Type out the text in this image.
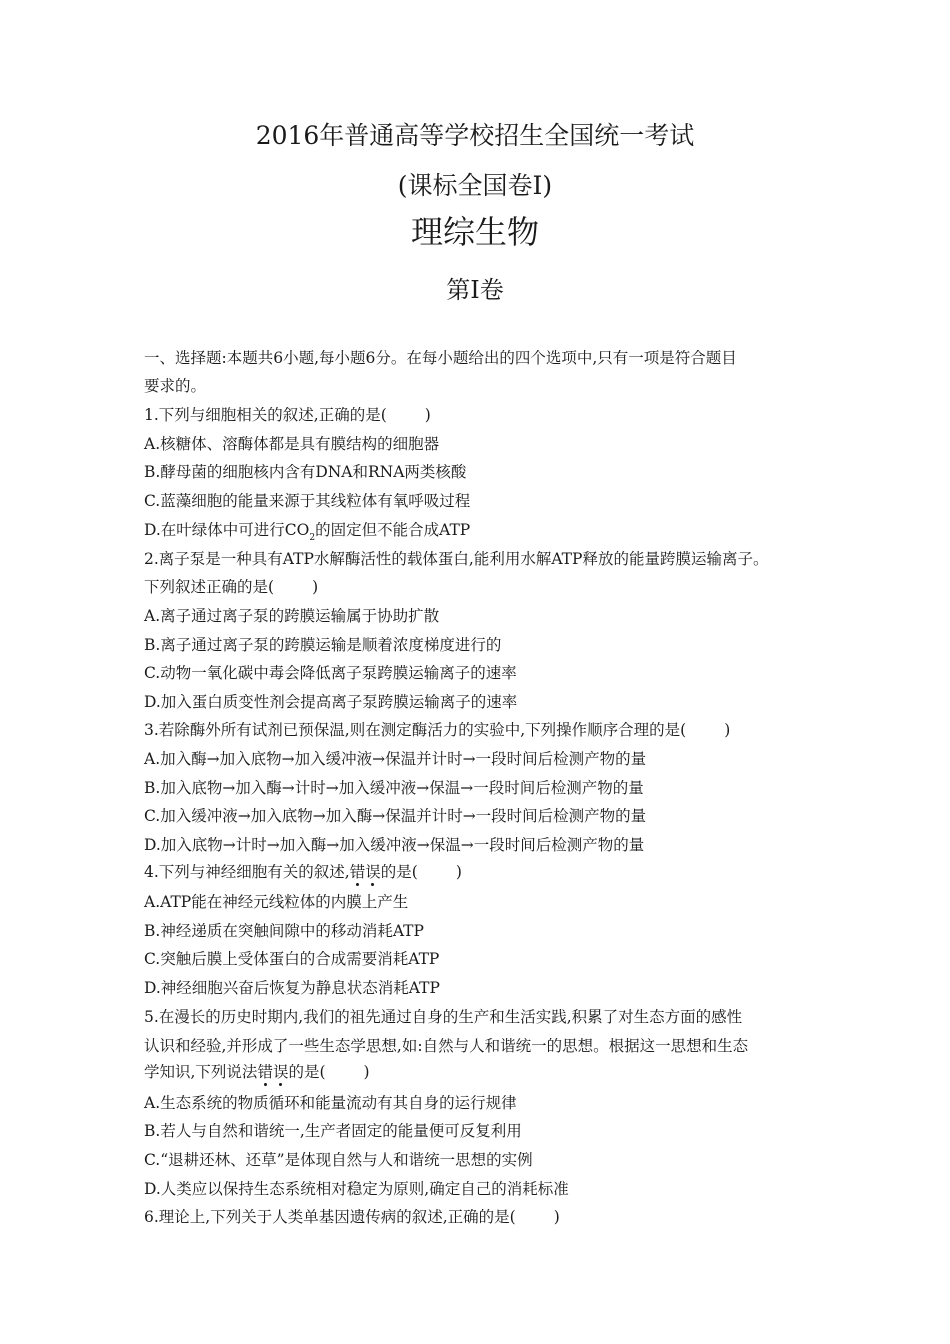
2016年普通高等学校招生全国统一考试
(课标全国卷Ⅰ)
理综生物
第Ⅰ卷
一、选择题:本题共6小题,每小题6分。在每小题给出的四个选项中,只有一项是符合题目
要求的。
1.下列与细胞相关的叙述,正确的是( )
A.核糖体、溶酶体都是具有膜结构的细胞器
B.酵母菌的细胞核内含有DNA和RNA两类核酸
C.蓝藻细胞的能量来源于其线粒体有氧呼吸过程
D.在叶绿体中可进行$CO_2$的固定但不能合成ATP
2.离子泵是一种具有ATP水解酶活性的载体蛋白,能利用水解ATP释放的能量跨膜运输离子。
下列叙述正确的是( )
A.离子通过离子泵的跨膜运输属于协助扩散
B.离子通过离子泵的跨膜运输是顺着浓度梯度进行的
C.动物一氧化碳中毒会降低离子泵跨膜运输离子的速率
D.加入蛋白质变性剂会提高离子泵跨膜运输离子的速率
3.若除酶外所有试剂已预保温,则在测定酶活力的实验中,下列操作顺序合理的是( )
A.加入酶→加入底物→加入缓冲液→保温并计时→一段时间后检测产物的量
B.加入底物→加入酶→计时→加入缓冲液→保温→一段时间后检测产物的量
C.加入缓冲液→加入底物→加入酶→保温并计时→一段时间后检测产物的量
D.加入底物→计时→加入酶→加入缓冲液→保温→一段时间后检测产物的量
4.下列与神经细胞有关的叙述,错误的是( )
A.ATP能在神经元线粒体的内膜上产生
B.神经递质在突触间隙中的移动消耗ATP
C.突触后膜上受体蛋白的合成需要消耗ATP
D.神经细胞兴奋后恢复为静息状态消耗ATP
5.在漫长的历史时期内,我们的祖先通过自身的生产和生活实践,积累了对生态方面的感性
认识和经验,并形成了一些生态学思想,如:自然与人和谐统一的思想。根据这一思想和生态
学知识,下列说法错误的是( )
A.生态系统的物质循环和能量流动有其自身的运行规律
B.若人与自然和谐统一,生产者固定的能量便可反复利用
C.“退耕还林、还草”是体现自然与人和谐统一思想的实例
D.人类应以保持生态系统相对稳定为原则,确定自己的消耗标准
6.理论上,下列关于人类单基因遗传病的叙述,正确的是( )
